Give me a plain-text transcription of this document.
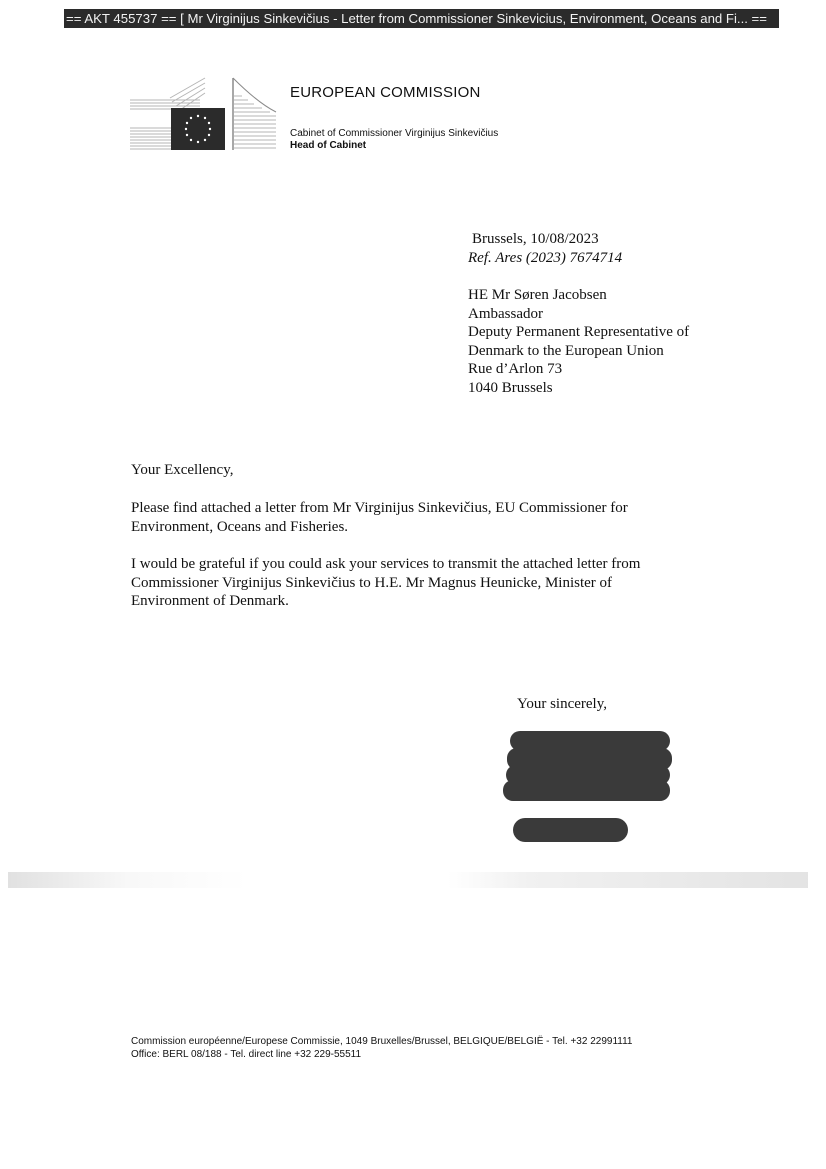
== AKT 455737 == [ Mr Virginijus Sinkevičius - Letter from Commissioner Sinkevicius, Environment, Oceans and Fi... ==
EUROPEAN COMMISSION
Cabinet of Commissioner Virginijus Sinkevičius
Head of Cabinet
Brussels, 10/08/2023
Ref. Ares (2023) 7674714
HE Mr Søren Jacobsen
Ambassador
Deputy Permanent Representative of
Denmark to the European Union
Rue d’Arlon 73
1040 Brussels
Your Excellency,
Please find attached a letter from Mr Virginijus Sinkevičius, EU Commissioner for Environment, Oceans and Fisheries.
I would be grateful if you could ask your services to transmit the attached letter from Commissioner Virginijus Sinkevičius to H.E. Mr Magnus Heunicke, Minister of Environment of Denmark.
Your sincerely,
Commission européenne/Europese Commissie, 1049 Bruxelles/Brussel, BELGIQUE/BELGIË - Tel. +32 22991111
Office: BERL 08/188 - Tel. direct line +32 229-55511
